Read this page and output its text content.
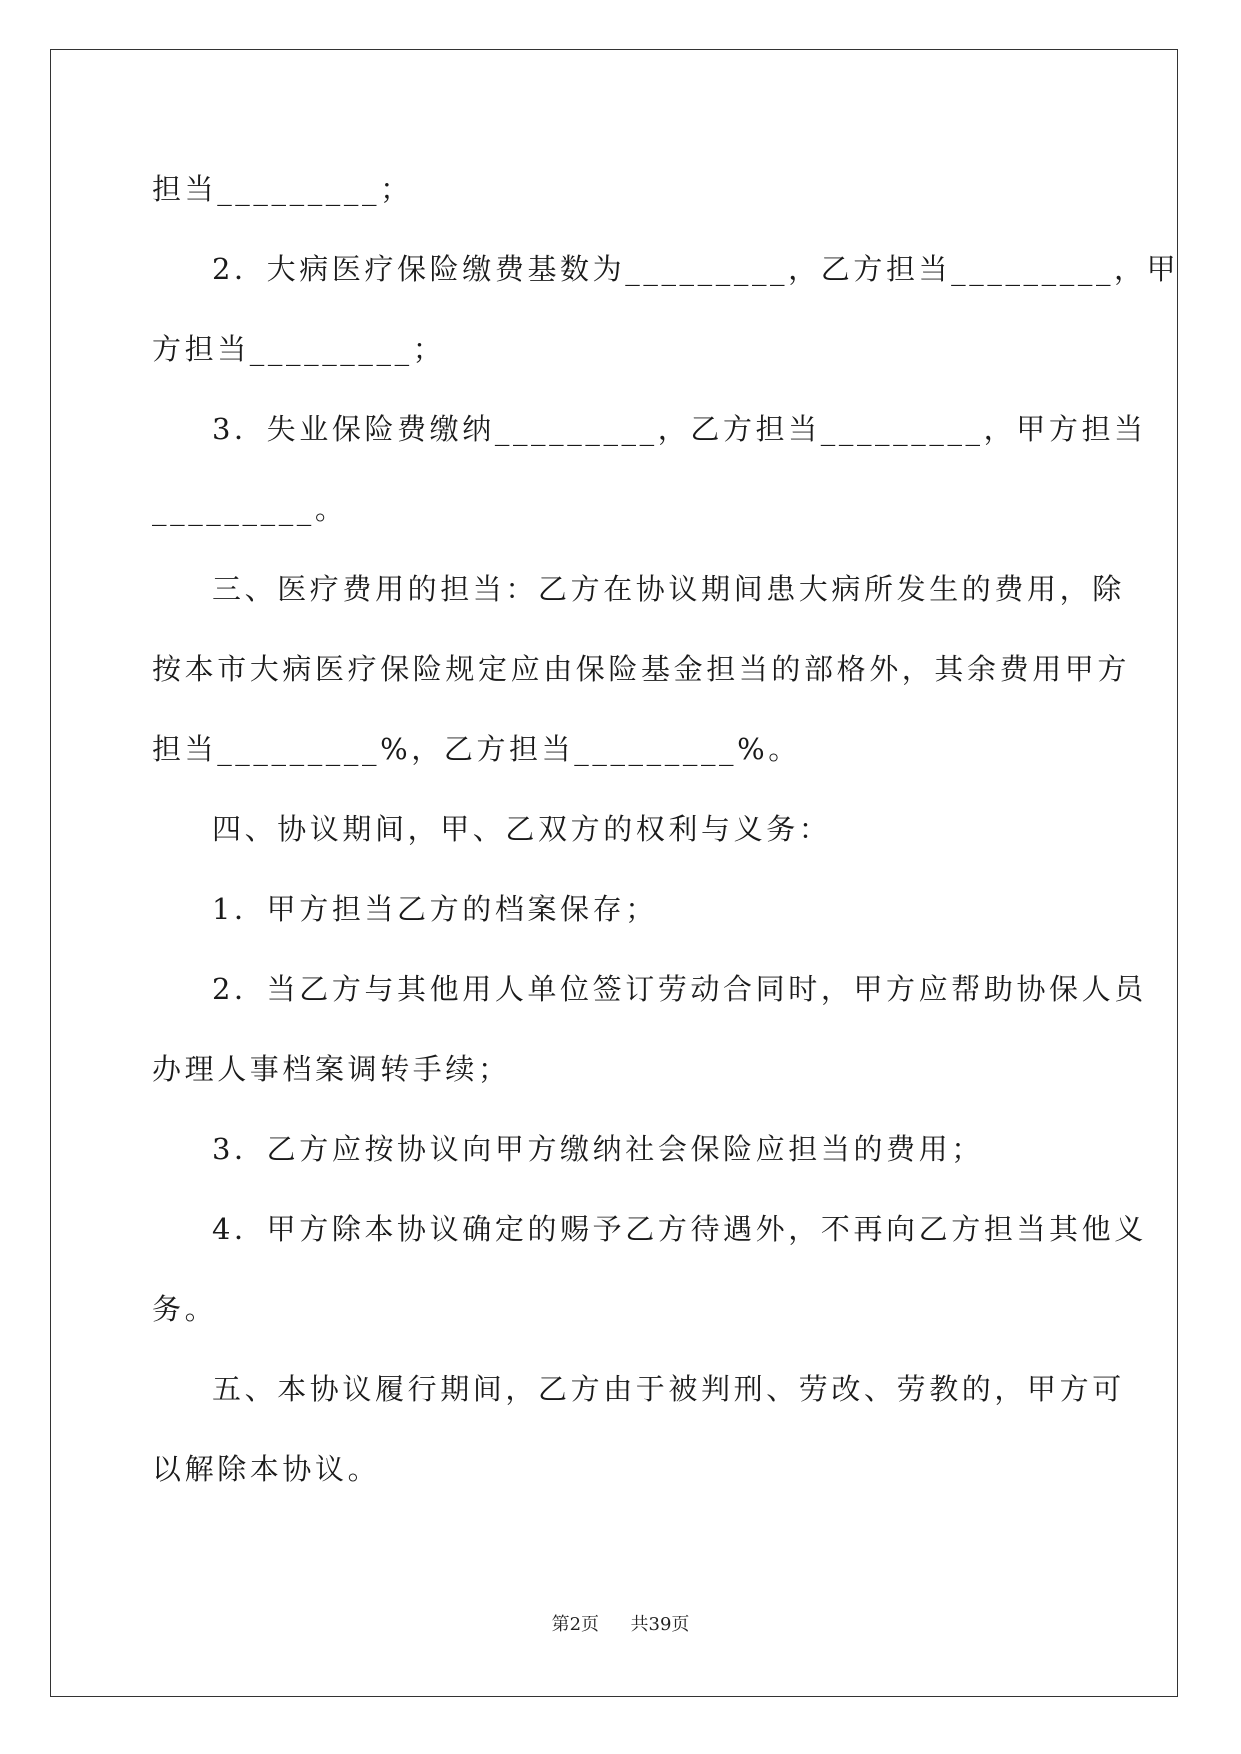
担当_________；
2．大病医疗保险缴费基数为_________，乙方担当_________，甲
方担当_________；
3．失业保险费缴纳_________，乙方担当_________，甲方担当
_________。
三、医疗费用的担当：乙方在协议期间患大病所发生的费用，除
按本市大病医疗保险规定应由保险基金担当的部格外，其余费用甲方
担当_________%，乙方担当_________%。
四、协议期间，甲、乙双方的权利与义务：
1．甲方担当乙方的档案保存；
2．当乙方与其他用人单位签订劳动合同时，甲方应帮助协保人员
办理人事档案调转手续；
3．乙方应按协议向甲方缴纳社会保险应担当的费用；
4．甲方除本协议确定的赐予乙方待遇外，不再向乙方担当其他义
务。
五、本协议履行期间，乙方由于被判刑、劳改、劳教的，甲方可
以解除本协议。
第2页 共39页
